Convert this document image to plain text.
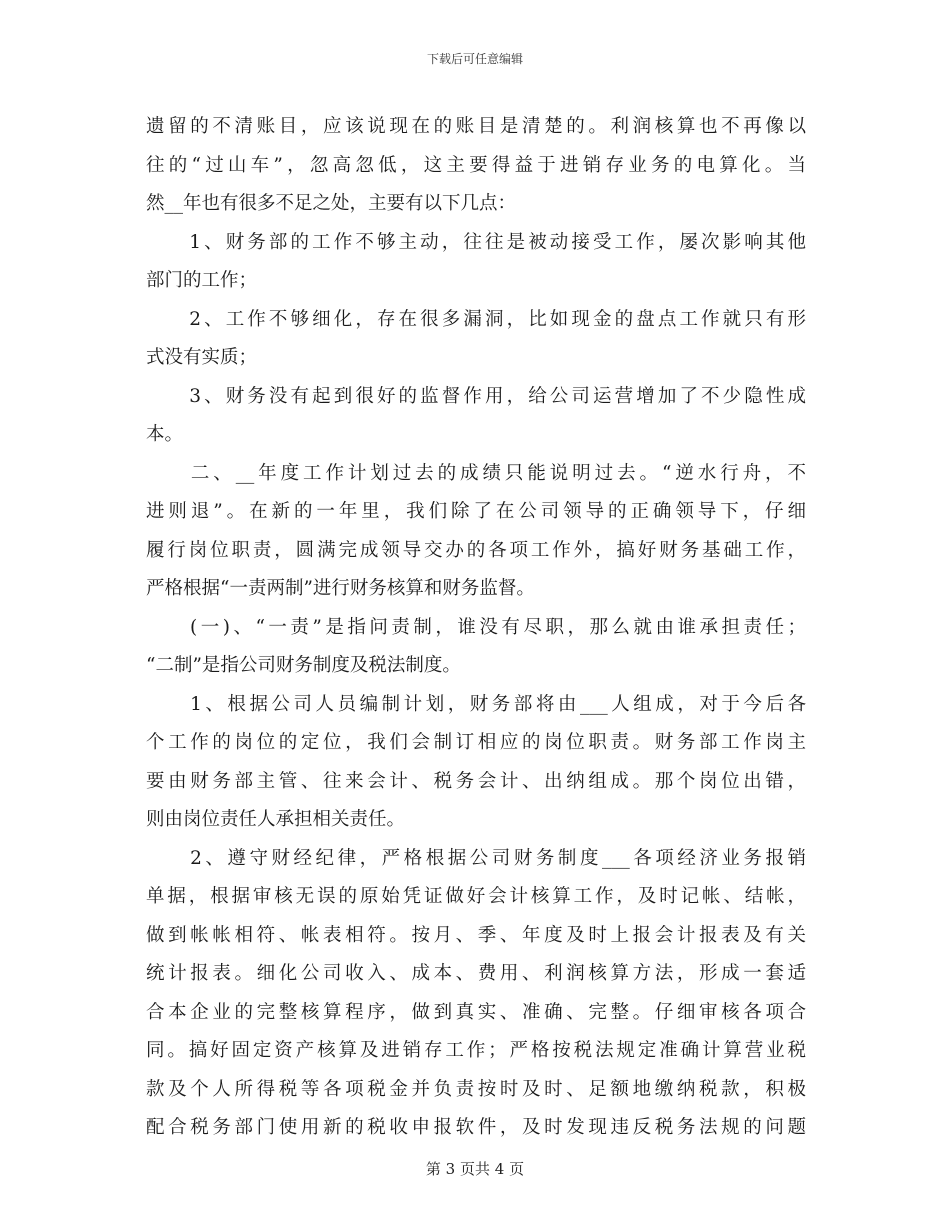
下载后可任意编辑
遗留的不清账目，应该说现在的账目是清楚的。利润核算也不再像以
往的“过山车”，忽高忽低，这主要得益于进销存业务的电算化。当
然__年也有很多不足之处，主要有以下几点：
　　1、财务部的工作不够主动，往往是被动接受工作，屡次影响其他
部门的工作；
　　2、工作不够细化，存在很多漏洞，比如现金的盘点工作就只有形
式没有实质；
　　3、财务没有起到很好的监督作用，给公司运营增加了不少隐性成
本。
　　二、__年度工作计划过去的成绩只能说明过去。“逆水行舟，不
进则退”。在新的一年里，我们除了在公司领导的正确领导下，仔细
履行岗位职责，圆满完成领导交办的各项工作外，搞好财务基础工作，
严格根据“一责两制”进行财务核算和财务监督。
　　(一)、“一责”是指问责制，谁没有尽职，那么就由谁承担责任；
“二制”是指公司财务制度及税法制度。
　　1、根据公司人员编制计划，财务部将由___人组成，对于今后各
个工作的岗位的定位，我们会制订相应的岗位职责。财务部工作岗主
要由财务部主管、往来会计、税务会计、出纳组成。那个岗位出错，
则由岗位责任人承担相关责任。
　　2、遵守财经纪律，严格根据公司财务制度___各项经济业务报销
单据，根据审核无误的原始凭证做好会计核算工作，及时记帐、结帐，
做到帐帐相符、帐表相符。按月、季、年度及时上报会计报表及有关
统计报表。细化公司收入、成本、费用、利润核算方法，形成一套适
合本企业的完整核算程序，做到真实、准确、完整。仔细审核各项合
同。搞好固定资产核算及进销存工作；严格按税法规定准确计算营业税
款及个人所得税等各项税金并负责按时及时、足额地缴纳税款，积极
配合税务部门使用新的税收申报软件，及时发现违反税务法规的问题
第 3 页共 4 页
